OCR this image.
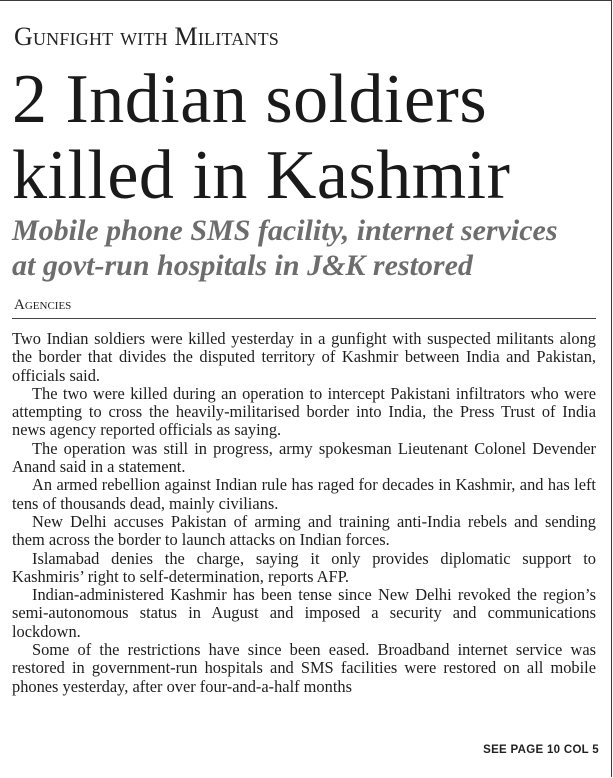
Gunfight with Militants
2 Indian soldiers
killed in Kashmir
Mobile phone SMS facility, internet services
at govt-run hospitals in J&K restored
Agencies

Two Indian soldiers were killed yesterday in a gunfight with suspected militants along the border that divides the disputed territory of Kashmir between India and Pakistan, officials said.

The two were killed during an operation to intercept Pakistani infiltrators who were attempting to cross the heavily-militarised border into India, the Press Trust of India news agency reported officials as saying.

The operation was still in progress, army spokesman Lieutenant Colonel Devender Anand said in a statement.

An armed rebellion against Indian rule has raged for decades in Kashmir, and has left tens of thousands dead, mainly civilians.

New Delhi accuses Pakistan of arming and training anti-India rebels and sending them across the border to launch attacks on Indian forces.

Islamabad denies the charge, saying it only provides diplomatic support to Kashmiris’ right to self-determination, reports AFP.

Indian-administered Kashmir has been tense since New Delhi revoked the region’s semi-autonomous status in August and imposed a security and communications lockdown.

Some of the restrictions have since been eased. Broadband internet service was restored in government-run hospitals and SMS facilities were restored on all mobile phones yesterday, after over four-and-a-half months

SEE PAGE 10 COL 5
